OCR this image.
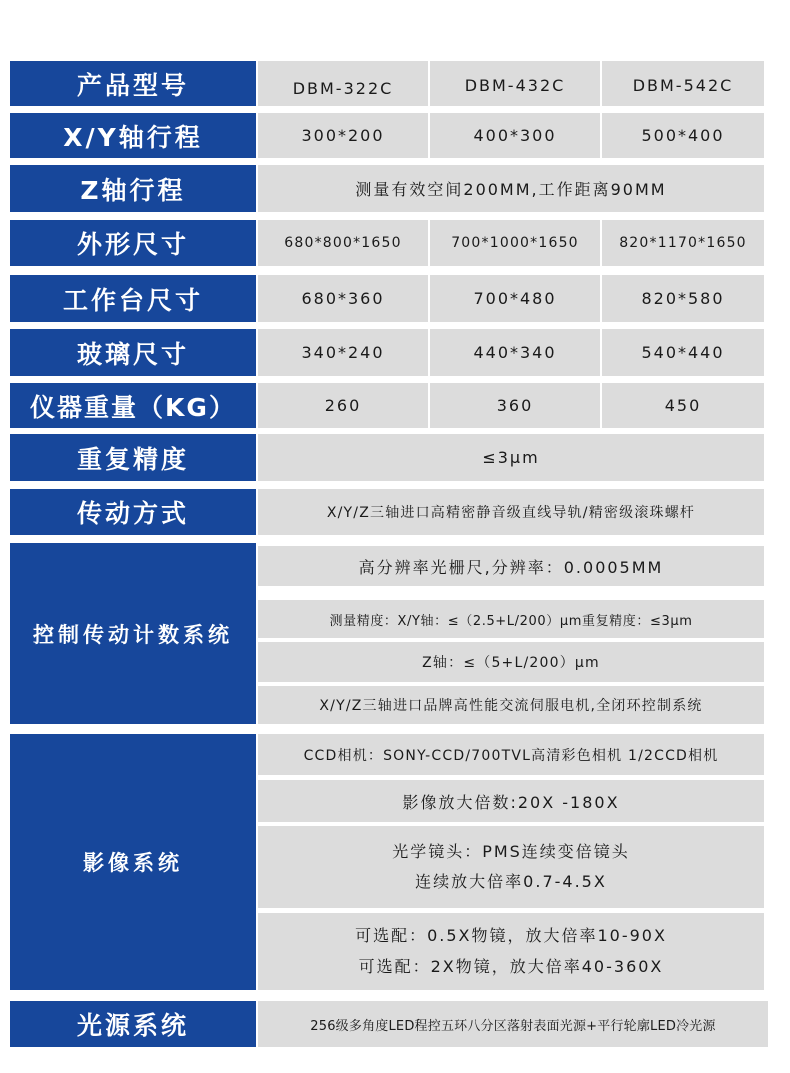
产品型号	DBM-322C	DBM-432C	DBM-542C
X/Y轴行程	300*200	400*300	500*400
Z轴行程	测量有效空间200MM,工作距离90MM
外形尺寸	680*800*1650	700*1000*1650	820*1170*1650
工作台尺寸	680*360	700*480	820*580
玻璃尺寸	340*240	440*340	540*440
仪器重量（KG）	260	360	450
重复精度	≤3μm
传动方式	X/Y/Z三轴进口高精密静音级直线导轨/精密级滚珠螺杆
控制传动计数系统
高分辨率光栅尺,分辨率：0.0005MM
测量精度：X/Y轴：≤（2.5+L/200）μm重复精度：≤3μm
Z轴：≤（5+L/200）μm
X/Y/Z三轴进口品牌高性能交流伺服电机,全闭环控制系统
影像系统
CCD相机：SONY-CCD/700TVL高清彩色相机 1/2CCD相机
影像放大倍数:20X -180X
光学镜头：PMS连续变倍镜头
连续放大倍率0.7-4.5X
可选配：0.5X物镜，放大倍率10-90X
可选配：2X物镜，放大倍率40-360X
光源系统	256级多角度LED程控五环八分区落射表面光源+平行轮廓LED冷光源
